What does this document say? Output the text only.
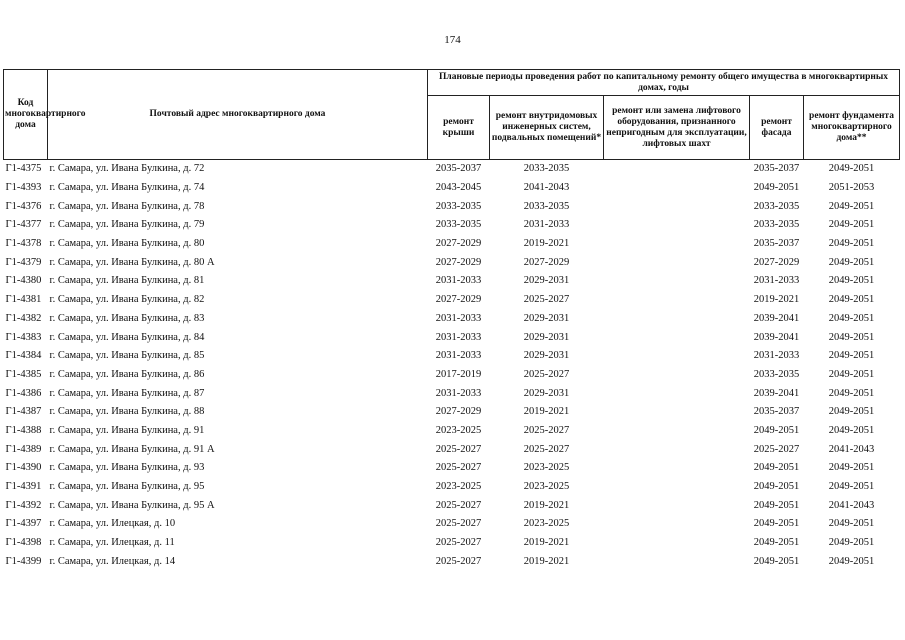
174
Код многоквартирного дома	Почтовый адрес многоквартирного дома	Плановые периоды проведения работ по капитальному ремонту общего имущества в многоквартирных домах, годы				
		ремонт крыши	ремонт внутридомовых инженерных систем, подвальных помещений*	ремонт или замена лифтового оборудования, признанного непригодным для эксплуатации, лифтовых шахт	ремонт фасада	ремонт фундамента многоквартирного дома**
Г1-4375	г. Самара, ул. Ивана Булкина, д. 72	2035-2037	2033-2035		2035-2037	2049-2051
Г1-4393	г. Самара, ул. Ивана Булкина, д. 74	2043-2045	2041-2043		2049-2051	2051-2053
Г1-4376	г. Самара, ул. Ивана Булкина, д. 78	2033-2035	2033-2035		2033-2035	2049-2051
Г1-4377	г. Самара, ул. Ивана Булкина, д. 79	2033-2035	2031-2033		2033-2035	2049-2051
Г1-4378	г. Самара, ул. Ивана Булкина, д. 80	2027-2029	2019-2021		2035-2037	2049-2051
Г1-4379	г. Самара, ул. Ивана Булкина, д. 80 А	2027-2029	2027-2029		2027-2029	2049-2051
Г1-4380	г. Самара, ул. Ивана Булкина, д. 81	2031-2033	2029-2031		2031-2033	2049-2051
Г1-4381	г. Самара, ул. Ивана Булкина, д. 82	2027-2029	2025-2027		2019-2021	2049-2051
Г1-4382	г. Самара, ул. Ивана Булкина, д. 83	2031-2033	2029-2031		2039-2041	2049-2051
Г1-4383	г. Самара, ул. Ивана Булкина, д. 84	2031-2033	2029-2031		2039-2041	2049-2051
Г1-4384	г. Самара, ул. Ивана Булкина, д. 85	2031-2033	2029-2031		2031-2033	2049-2051
Г1-4385	г. Самара, ул. Ивана Булкина, д. 86	2017-2019	2025-2027		2033-2035	2049-2051
Г1-4386	г. Самара, ул. Ивана Булкина, д. 87	2031-2033	2029-2031		2039-2041	2049-2051
Г1-4387	г. Самара, ул. Ивана Булкина, д. 88	2027-2029	2019-2021		2035-2037	2049-2051
Г1-4388	г. Самара, ул. Ивана Булкина, д. 91	2023-2025	2025-2027		2049-2051	2049-2051
Г1-4389	г. Самара, ул. Ивана Булкина, д. 91 А	2025-2027	2025-2027		2025-2027	2041-2043
Г1-4390	г. Самара, ул. Ивана Булкина, д. 93	2025-2027	2023-2025		2049-2051	2049-2051
Г1-4391	г. Самара, ул. Ивана Булкина, д. 95	2023-2025	2023-2025		2049-2051	2049-2051
Г1-4392	г. Самара, ул. Ивана Булкина, д. 95 А	2025-2027	2019-2021		2049-2051	2041-2043
Г1-4397	г. Самара, ул. Илецкая, д. 10	2025-2027	2023-2025		2049-2051	2049-2051
Г1-4398	г. Самара, ул. Илецкая, д. 11	2025-2027	2019-2021		2049-2051	2049-2051
Г1-4399	г. Самара, ул. Илецкая, д. 14	2025-2027	2019-2021		2049-2051	2049-2051
